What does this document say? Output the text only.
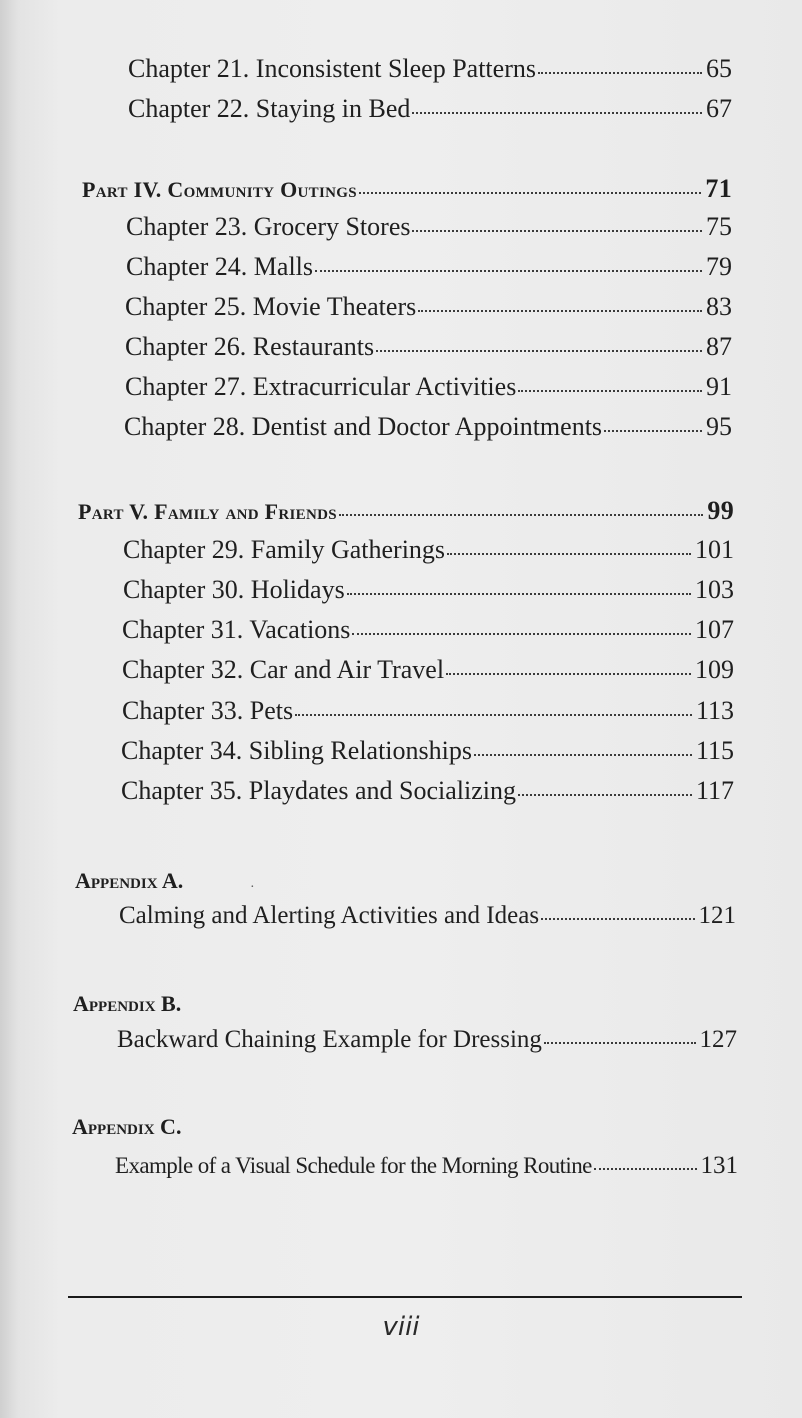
Chapter 21. Inconsistent Sleep Patterns	65
Chapter 22. Staying in Bed	67
Part IV. Community Outings	71
Chapter 23. Grocery Stores	75
Chapter 24. Malls	79
Chapter 25. Movie Theaters	83
Chapter 26. Restaurants	87
Chapter 27. Extracurricular Activities	91
Chapter 28. Dentist and Doctor Appointments	95
Part V. Family and Friends	99
Chapter 29. Family Gatherings	101
Chapter 30. Holidays	103
Chapter 31. Vacations	107
Chapter 32. Car and Air Travel	109
Chapter 33. Pets	113
Chapter 34. Sibling Relationships	115
Chapter 35. Playdates and Socializing	117
Appendix A.	·
Calming and Alerting Activities and Ideas	121
Appendix B.
Backward Chaining Example for Dressing	127
Appendix C.
Example of a Visual Schedule for the Morning Routine	131
viii
